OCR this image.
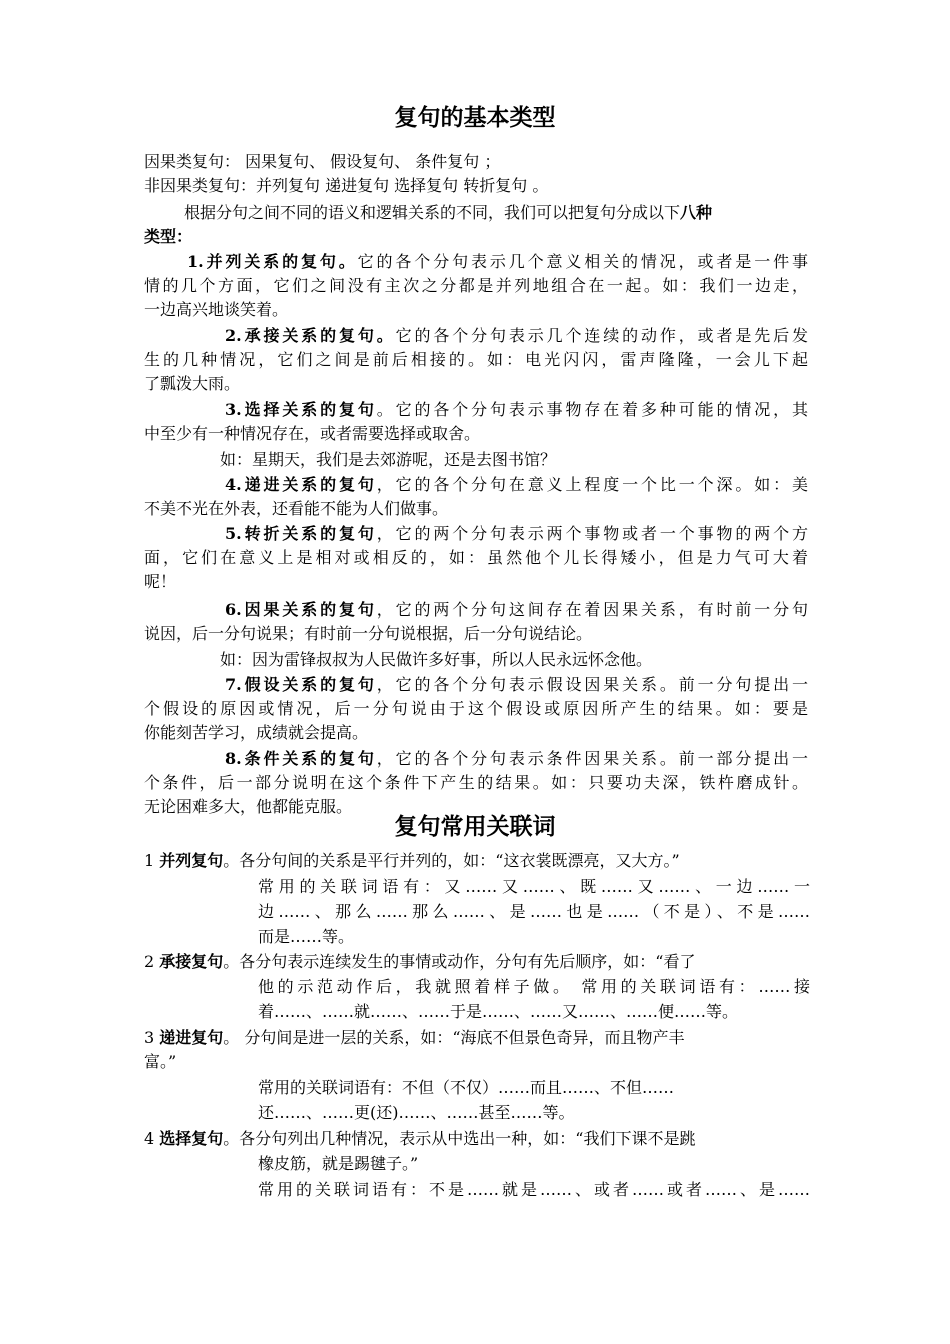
复句的基本类型
因果类复句： 因果复句、 假设复句、 条件复句 ；
非因果类复句：并列复句 递进复句 选择复句 转折复句 。
根据分句之间不同的语义和逻辑关系的不同，我们可以把复句分成以下八种
类型：
1.并列关系的复句。它的各个分句表示几个意义相关的情况，或者是一件事
情的几个方面，它们之间没有主次之分都是并列地组合在一起。如：我们一边走，
一边高兴地谈笑着。
2.承接关系的复句。它的各个分句表示几个连续的动作，或者是先后发
生的几种情况，它们之间是前后相接的。如：电光闪闪，雷声隆隆，一会儿下起
了瓢泼大雨。
3.选择关系的复句。它的各个分句表示事物存在着多种可能的情况，其
中至少有一种情况存在，或者需要选择或取舍。
如：星期天，我们是去郊游呢，还是去图书馆？
4.递进关系的复句，它的各个分句在意义上程度一个比一个深。如：美
不美不光在外表，还看能不能为人们做事。
5.转折关系的复句，它的两个分句表示两个事物或者一个事物的两个方
面，它们在意义上是相对或相反的，如：虽然他个儿长得矮小，但是力气可大着
呢！
6.因果关系的复句，它的两个分句这间存在着因果关系，有时前一分句
说因，后一分句说果；有时前一分句说根据，后一分句说结论。
如：因为雷锋叔叔为人民做许多好事，所以人民永远怀念他。
7.假设关系的复句，它的各个分句表示假设因果关系。前一分句提出一
个假设的原因或情况，后一分句说由于这个假设或原因所产生的结果。如：要是
你能刻苦学习，成绩就会提高。
8.条件关系的复句，它的各个分句表示条件因果关系。前一部分提出一
个条件，后一部分说明在这个条件下产生的结果。如：只要功夫深，铁杵磨成针。
无论困难多大，他都能克服。
复句常用关联词
1 并列复句。各分句间的关系是平行并列的，如：“这衣裳既漂亮，又大方。”
常用的关联词语有：又……又……、既……又……、一边……一
边……、那么……那么……、是……也是……（不是）、不是……
而是……等。
2 承接复句。各分句表示连续发生的事情或动作，分句有先后顺序，如：“看了
他的示范动作后，我就照着样子做。 常用的关联词语有：……接
着……、……就……、……于是……、……又……、……便……等。
3 递进复句。 分句间是进一层的关系，如：“海底不但景色奇异，而且物产丰
富。”
常用的关联词语有：不但（不仅）……而且……、不但……
还……、……更(还)……、……甚至……等。
4 选择复句。各分句列出几种情况，表示从中选出一种，如：“我们下课不是跳
橡皮筋，就是踢毽子。”
常用的关联词语有：不是……就是……、或者……或者……、是……
